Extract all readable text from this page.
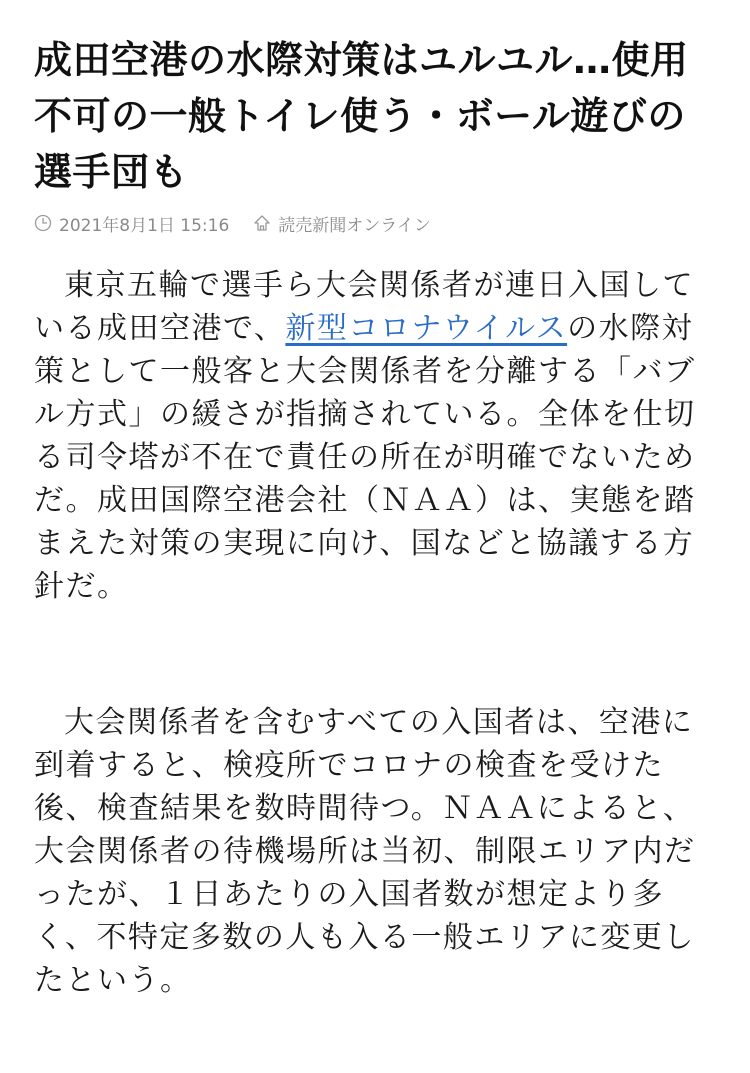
成田空港の水際対策はユルユル…使用不可の一般トイレ使う・ボール遊びの選手団も
2021年8月1日 15:16	読売新聞オンライン

東京五輪で選手ら大会関係者が連日入国している成田空港で、新型コロナウイルスの水際対策として一般客と大会関係者を分離する「バブル方式」の緩さが指摘されている。全体を仕切る司令塔が不在で責任の所在が明確でないためだ。成田国際空港会社（ＮＡＡ）は、実態を踏まえた対策の実現に向け、国などと協議する方針だ。

大会関係者を含むすべての入国者は、空港に到着すると、検疫所でコロナの検査を受けた後、検査結果を数時間待つ。ＮＡＡによると、大会関係者の待機場所は当初、制限エリア内だったが、１日あたりの入国者数が想定より多く、不特定多数の人も入る一般エリアに変更したという。
